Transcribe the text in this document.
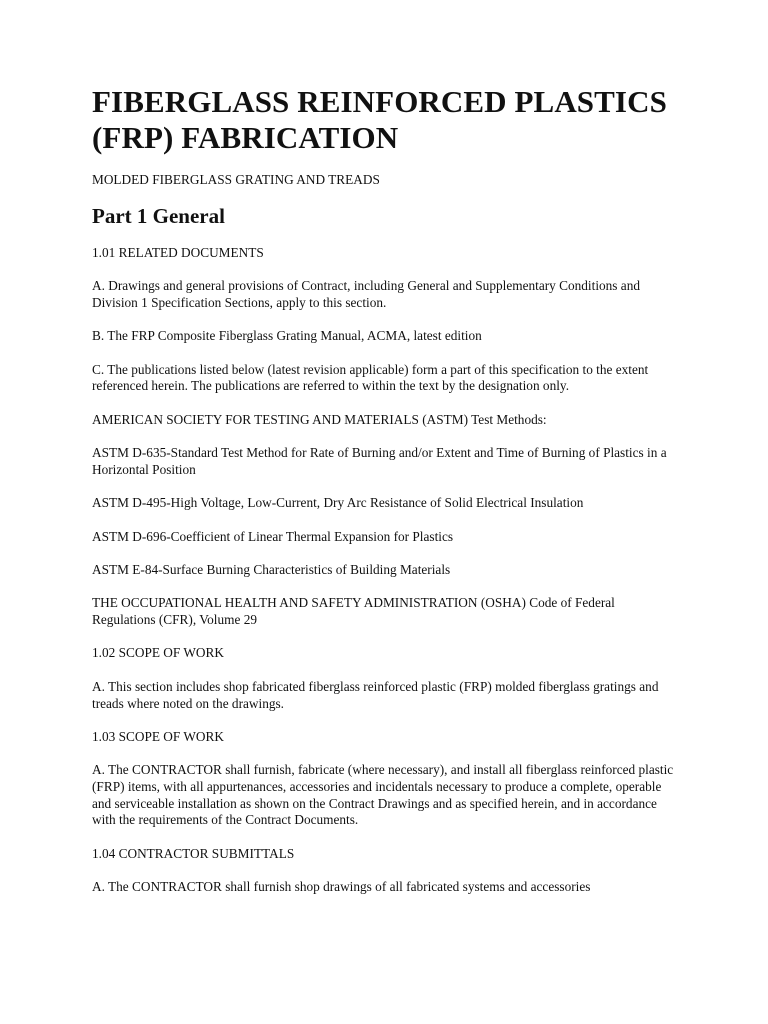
FIBERGLASS REINFORCED PLASTICS (FRP) FABRICATION

MOLDED FIBERGLASS GRATING AND TREADS

Part 1 General

1.01 RELATED DOCUMENTS

A. Drawings and general provisions of Contract, including General and Supplementary Conditions and Division 1 Specification Sections, apply to this section.

B. The FRP Composite Fiberglass Grating Manual, ACMA, latest edition

C. The publications listed below (latest revision applicable) form a part of this specification to the extent referenced herein. The publications are referred to within the text by the designation only.

AMERICAN SOCIETY FOR TESTING AND MATERIALS (ASTM) Test Methods:

ASTM D-635-Standard Test Method for Rate of Burning and/or Extent and Time of Burning of Plastics in a Horizontal Position

ASTM D-495-High Voltage, Low-Current, Dry Arc Resistance of Solid Electrical Insulation

ASTM D-696-Coefficient of Linear Thermal Expansion for Plastics

ASTM E-84-Surface Burning Characteristics of Building Materials

THE OCCUPATIONAL HEALTH AND SAFETY ADMINISTRATION (OSHA) Code of Federal Regulations (CFR), Volume 29

1.02 SCOPE OF WORK

A. This section includes shop fabricated fiberglass reinforced plastic (FRP) molded fiberglass gratings and treads where noted on the drawings.

1.03 SCOPE OF WORK

A. The CONTRACTOR shall furnish, fabricate (where necessary), and install all fiberglass reinforced plastic (FRP) items, with all appurtenances, accessories and incidentals necessary to produce a complete, operable and serviceable installation as shown on the Contract Drawings and as specified herein, and in accordance with the requirements of the Contract Documents.

1.04 CONTRACTOR SUBMITTALS

A. The CONTRACTOR shall furnish shop drawings of all fabricated systems and accessories
